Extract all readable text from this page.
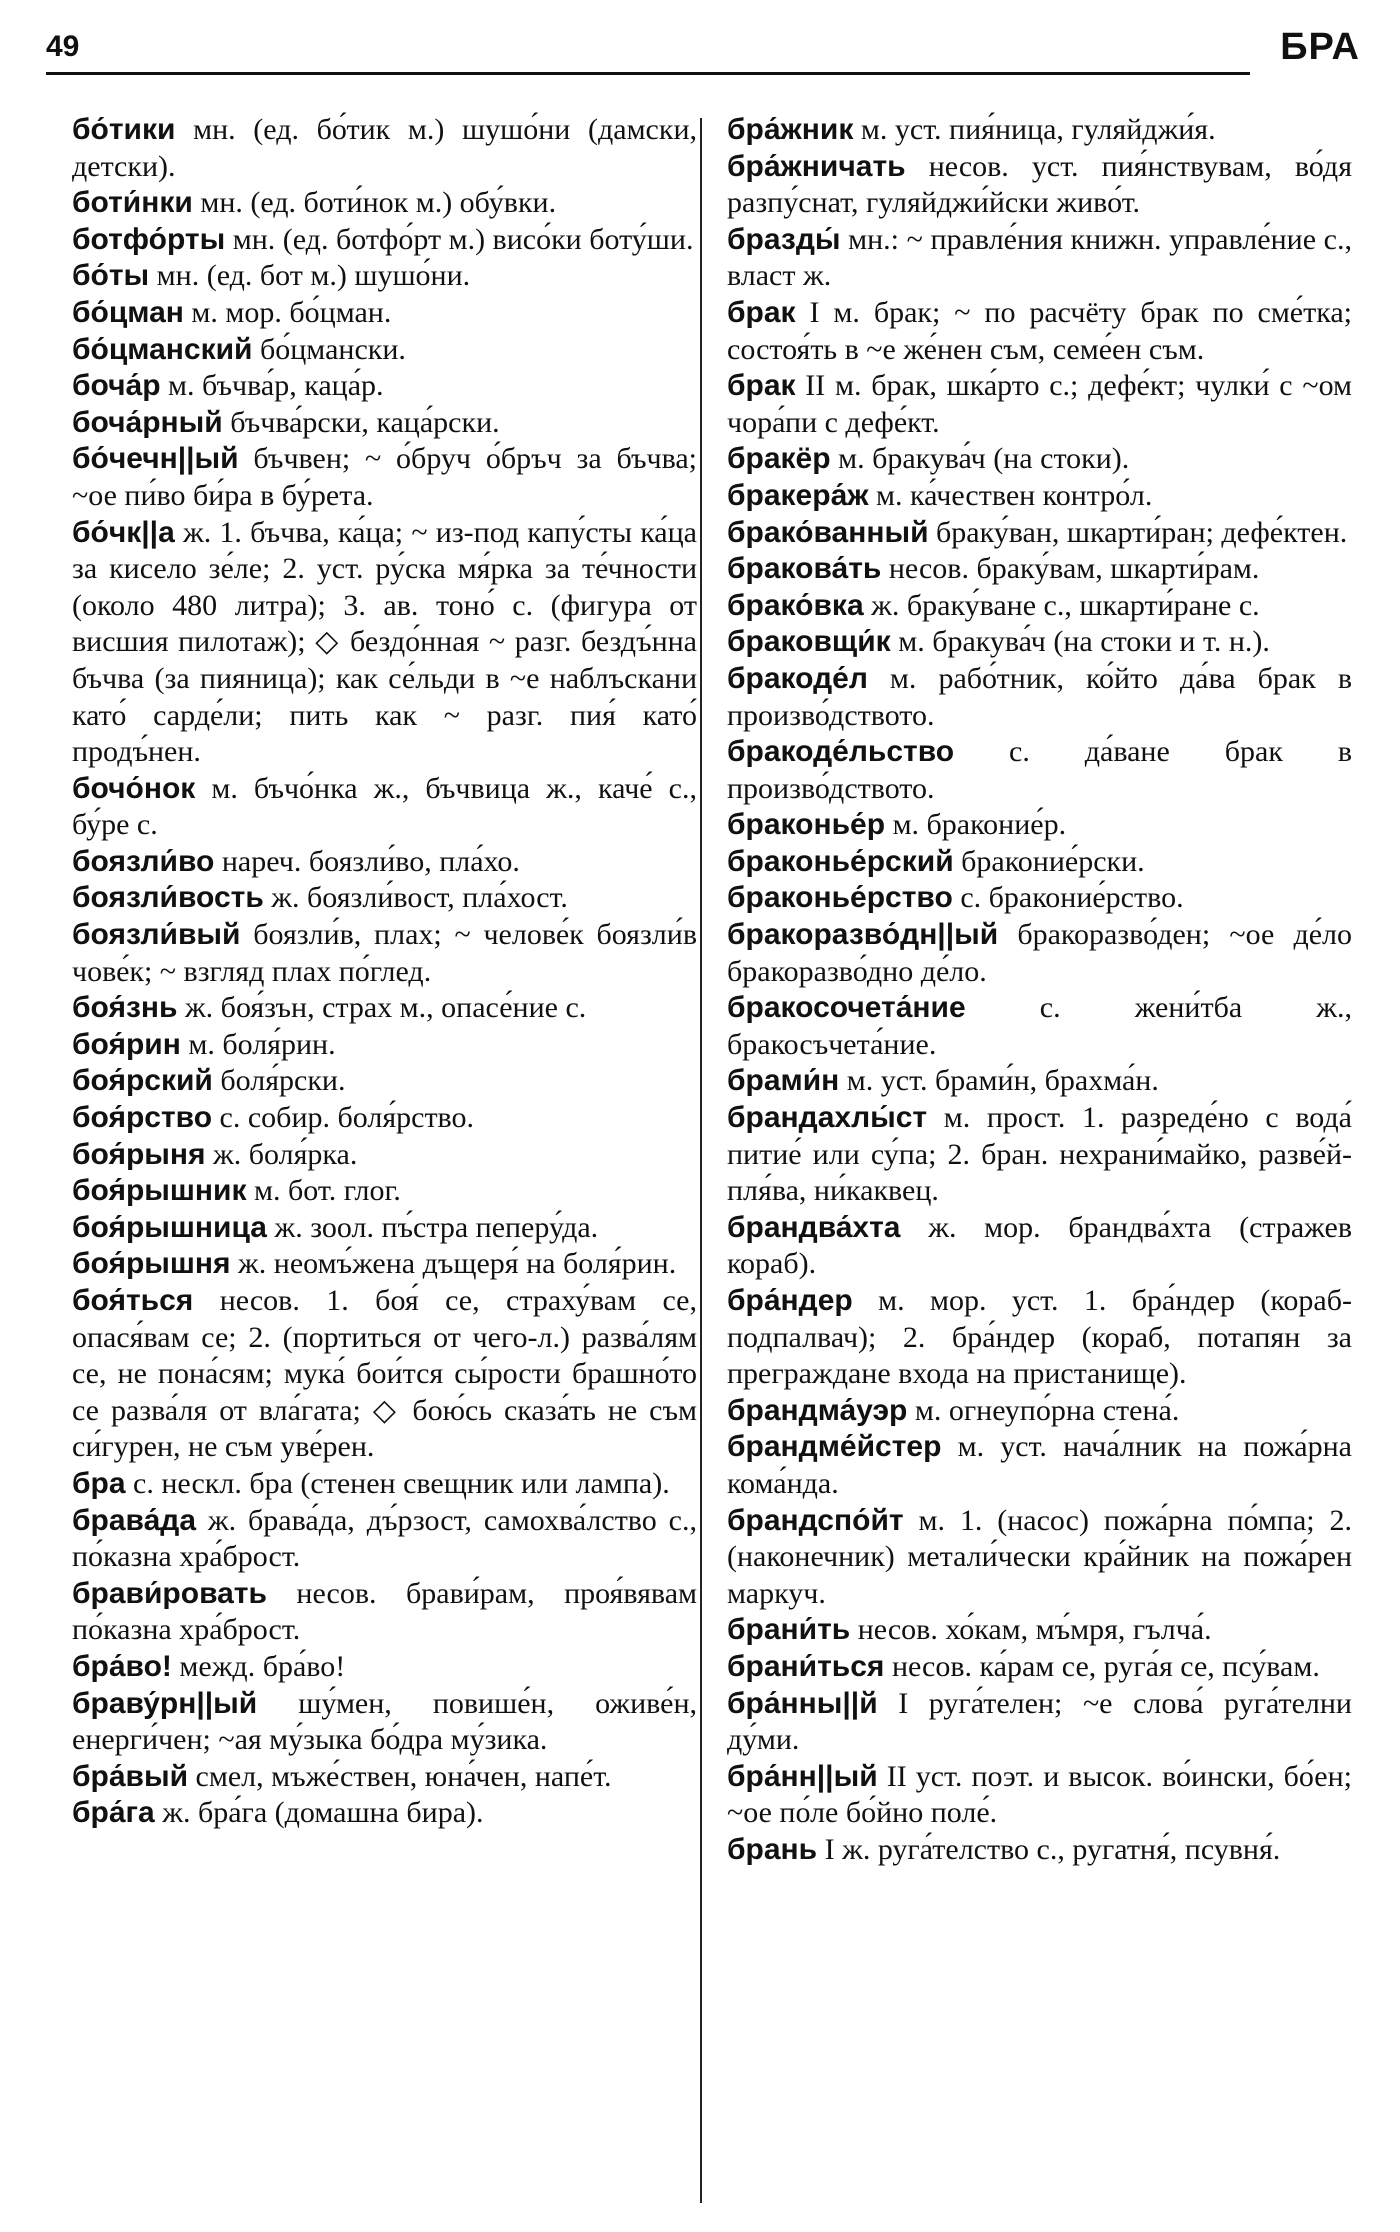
49	БРА

бо́тики мн. (ед. бо́тик м.) шушо́ни (дамски, детски).

боти́нки мн. (ед. боти́нок м.) обу́вки.

ботфо́рты мн. (ед. ботфо́рт м.) висо́ки боту́ши.

бо́ты мн. (ед. бот м.) шушо́ни.

бо́цман м. мор. бо́цман.

бо́цманский бо́цмански.

боча́р м. бъчва́р, каца́р.

боча́рный бъчва́рски, каца́рски.

бо́чечн||ый бъчвен; ~ о́бруч о́бръч за бъчва; ~ое пи́во би́ра в бу́рета.

бо́чк||а ж. 1. бъчва, ка́ца; ~ из-под капу́сты ка́ца за кисело зе́ле; 2. уст. ру́ска мя́рка за те́чности (около 480 литра); 3. ав. тоно́ с. (фигура от висшия пилотаж); ◇ бездо́нная ~ разг. бездъ́нна бъчва (за пияница); как се́льди в ~е наблъскани като́ сарде́ли; пить как ~ разг. пия́ като́ продъ́нен.

бочо́нок м. бъчо́нка ж., бъчвица ж., каче́ с., бу́ре с.

боязли́во нареч. боязли́во, пла́хо.

боязли́вость ж. боязли́вост, пла́хост.

боязли́вый боязли́в, плах; ~ челове́к боязли́в чове́к; ~ взгляд плах по́глед.

боя́знь ж. боя́зън, страх м., опасе́ние с.

боя́рин м. боля́рин.

боя́рский боля́рски.

боя́рство с. собир. боля́рство.

боя́рыня ж. боля́рка.

боя́рышник м. бот. глог.

боя́рышница ж. зоол. пъ́стра пеперу́да.

боя́рышня ж. неомъ́жена дъщеря́ на боля́рин.

боя́ться несов. 1. боя́ се, страху́вам се, опася́вам се; 2. (портиться от чего-л.) разва́лям се, не пона́сям; мука́ бои́тся сы́рости брашно́то се разва́ля от вла́гата; ◇ бою́сь сказа́ть не съм си́гурен, не съм уве́рен.

бра с. нескл. бра (стенен свещник или лампа).

брава́да ж. брава́да, дъ́рзост, самохва́лство с., по́казна хра́брост.

брави́ровать несов. брави́рам, проя́вявам по́казна хра́брост.

бра́во! межд. бра́во!

браву́рн||ый шу́мен, повише́н, оживе́н, енерги́чен; ~ая му́зыка бо́дра му́зика.

бра́вый смел, мъже́ствен, юна́чен, напе́т.

бра́га ж. бра́га (домашна бира).

бра́жник м. уст. пия́ница, гуляйджи́я.

бра́жничать несов. уст. пия́нствувам, во́дя разпу́снат, гуляйджи́йски живо́т.

бразды́ мн.: ~ правле́ния книжн. управле́ние с., власт ж.

брак I м. брак; ~ по расчёту брак по сме́тка; состоя́ть в ~е же́нен съм, семе́ен съм.

брак II м. брак, шка́рто с.; дефе́кт; чулки́ с ~ом чора́пи с дефе́кт.

бракёр м. бракува́ч (на стоки).

бракера́ж м. ка́чествен контро́л.

брако́ванный браку́ван, шкарти́ран; дефе́ктен.

бракова́ть несов. браку́вам, шкарти́рам.

брако́вка ж. браку́ване с., шкарти́ране с.

браковщи́к м. бракува́ч (на стоки и т. н.).

бракоде́л м. рабо́тник, ко́йто да́ва брак в произво́дството.

бракоде́льство с. да́ване брак в произво́дството.

браконье́р м. браконие́р.

браконье́рский браконие́рски.

браконье́рство с. браконие́рство.

бракоразво́дн||ый бракоразво́ден; ~ое де́ло бракоразво́дно де́ло.

бракосочета́ние с. жени́тба ж., бракосъчета́ние.

брами́н м. уст. брами́н, брахма́н.

брандахлы́ст м. прост. 1. разреде́но с вода́ питие́ или су́па; 2. бран. нехрани́майко, разве́й-пля́ва, ни́каквец.

брандва́хта ж. мор. брандва́хта (стражев кораб).

бра́ндер м. мор. уст. 1. бра́ндер (кораб-подпалвач); 2. бра́ндер (кораб, потапян за преграждане входа на пристанище).

брандма́уэр м. огнеупо́рна стена́.

брандме́йстер м. уст. нача́лник на пожа́рна кома́нда.

брандспо́йт м. 1. (насос) пожа́рна по́мпа; 2. (наконечник) метали́чески кра́йник на пожа́рен маркуч.

брани́ть несов. хо́кам, мъ́мря, гълча́.

брани́ться несов. ка́рам се, руга́я се, псу́вам.

бра́нны||й I руга́телен; ~е слова́ руга́телни ду́ми.

бра́нн||ый II уст. поэт. и высок. во́ински, бо́ен; ~ое по́ле бо́йно поле́.

брань I ж. руга́телство с., ругатня́, псувня́.
